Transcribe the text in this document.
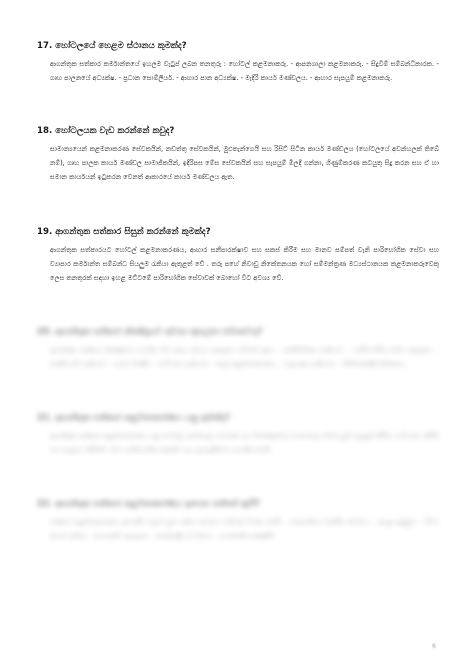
17. හෝටලයේ හෙළම ස්ථානය කුමක්ද?
ආගන්තුක සත්කාර කර්මාන්තයේ ඉහලම වැටුප් ලබන තනතුරු : හෝටල් කළමනාකරු. - ආපනශාලා කළමනාකරු. - සිදුවීම් සම්බන්ධීකාරක. - ගෘහ පාලනයේ අධ්‍යක්ෂ. - ප්‍රධාන සොම්ලියර්. - ආහාර පාන අධ්‍යක්ෂ. - මැදිරි කාර්ය මණ්ඩලය. - ආහාර සැපයුම් කළමනාකරු.
18. හෝටලයක වැඩ කරන්නේ කවුද?
සාමාන්‍යයෙන් කළමනාකරණ සේවකයින්, නඩත්තු සේවකයින්, මුළුතැන්ගෙයි සහ රිසිට් සිටින කාර්ය මණ්ඩලය (හෝටලයේ අවන්හලක් තිබේ නම්), ගෘහ පාලක කාර්ය මණ්ඩල සාමාජිකයින්, ඉදිරිපස මේස සේවකයින් සහ සැපයුම් මිලදී ගන්නා, ගිණුම්කරණ කටයුතු සිදු කරන සහ ඒ හා සමාන කාර්යයන් ඉටුකරන වෙනත් ආකාරයේ කාර්ය මණ්ඩලය ඇත.
19. ආගන්තුක සත්කාර සිසුන් කරන්නේ කුමක්ද?
ආගන්තුක සත්කාරයට හෝටල් කළමනාකරණය, ආහාර සනීපාරක්ෂාව සහ සකස් කිරීම සහ මානව සම්පත් වැනි පාරිභෝගික සේවා සහ ව්‍යාපාර කර්මාන්ත සම්බන්ධ සියලුම රැකියා ඇතුළත් වේ . තරු පහේ නිවාඩු නිකේතනයක හෝ සම්මන්ත්‍රණ මධ්‍යස්ථානයක කළමනාකරුවෙකු ලෙස තනතුරක් සඳහා ඉහළ මට්ටමේ පාරිභෝගික සේවාවක් බොහෝ විට අවශ්‍ය වේ.
20. ආගන්තුක සත්කාර ක්ෂේත්‍රයට අවශ්‍ය කුසලතා මොනවාද?
ආගන්තුක සත්කාර ක්ෂේත්‍රයේ සාර්ථක වීම සඳහා අවශ්‍ය කුසලතා රාශියක් ඇත. - සන්නිවේදන හැකියාව. - පාරිභෝගික සේවා කුසලතා. - කණ්ඩායම් හැකියාව. - ගැටළු විසඳීම. - සංවිධාන හැකියාව. - කාල කළමනාකරණය. - බහුභාෂා හැකියාව. - නිර්මාණශීලී චින්තනය.
21. ආගන්තුක සත්කාර කළමනාකරණය යනු කුමක්ද?
ආගන්තුක සත්කාර කළමනාකරණය යනු හෝටල්, අවන්හල්, සංචාරක සහ විනෝදාස්වාද ව්‍යාපාරවල මෙහෙයුම් සැලසුම් කිරීම, සංවිධානය කිරීම සහ පාලනය කිරීමයි. මෙය පාරිභෝගික තෘප්තිය සහ ලාභදායීත්වය සහතික කරයි.
22. ආගන්තුක සත්කාර කළමනාකරණය ඉගෙන ගන්නේ ඇයි?
සත්කාර කළමනාකරණය ඉගෙනීම ලොව පුරා රැකියා අවස්ථා රාශියක් විවෘත කරයි. - ජාත්‍යන්තර වෘත්තීය අවස්ථා. - ඉහළ ඉල්ලුම. - විවිධ කාර්ය භූමිකා. - නායකත්ව කුසලතා. - පෞද්ගලික වර්ධනය. - සංස්කෘතික අත්දැකීම්.
6
